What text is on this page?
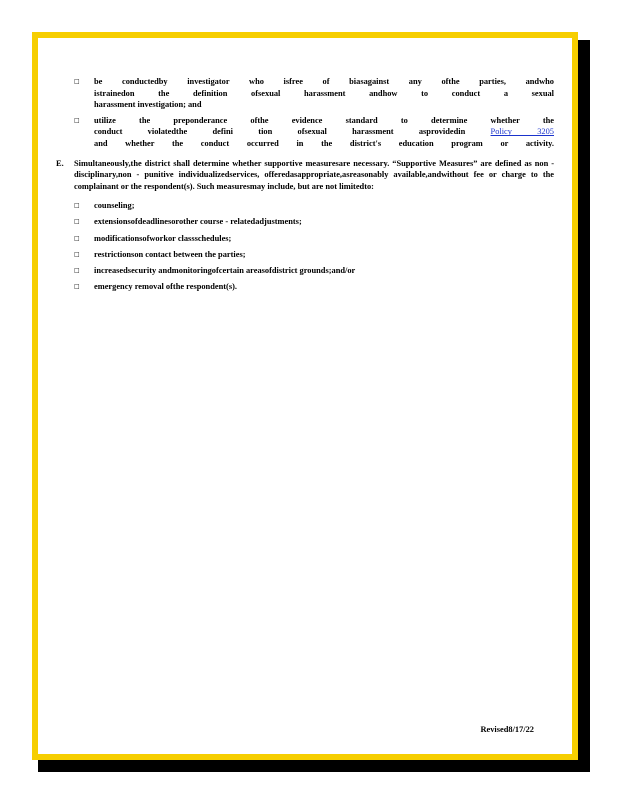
□ be conductedby investigator who isfree of biasagainst any ofthe parties, andwho
istrainedon the definition ofsexual harassment andhow to conduct a sexual
harassment investigation; and
□ utilize the preponderance ofthe evidence standard to determine whether the
conduct violatedthe defini tion ofsexual harassment asprovidedin	Policy 3205
and whether the conduct occurred in the district's education program or activity.
E. Simultaneously,the district shall determine whether supportive measuresare necessary. “Supportive Measures” are defined as non - disciplinary,non - punitive individualizedservices, offeredasappropriate,asreasonably available,andwithout fee or charge to the complainant or the respondent(s). Such measuresmay include, but are not limitedto:

□ counseling;
□ extensionsofdeadlinesorother course - relatedadjustments;
□ modificationsofworkor classschedules;
□ restrictionson contact between the parties;
□ increasedsecurity andmonitoringofcertain areasofdistrict grounds;and/or
□ emergency removal ofthe respondent(s).
Revised8/17/22
